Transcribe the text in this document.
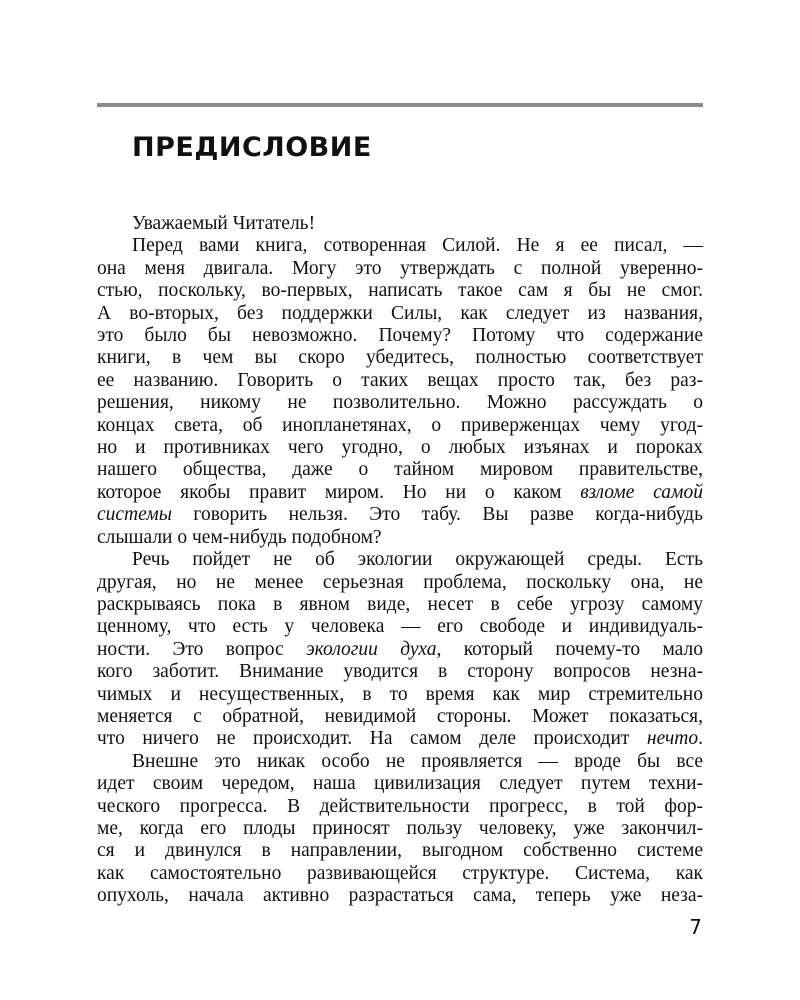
ПРЕДИСЛОВИЕ

Уважаемый Читатель!

Перед вами книга, сотворенная Силой. Не я ее писал, —
она меня двигала. Могу это утверждать с полной уверенно-
стью, поскольку, во-первых, написать такое сам я бы не смог.
А во-вторых, без поддержки Силы, как следует из названия,
это было бы невозможно. Почему? Потому что содержание
книги, в чем вы скоро убедитесь, полностью соответствует
ее названию. Говорить о таких вещах просто так, без раз-
решения, никому не позволительно. Можно рассуждать о
концах света, об инопланетянах, о приверженцах чему угод-
но и противниках чего угодно, о любых изъянах и пороках
нашего общества, даже о тайном мировом правительстве,
которое якобы правит миром. Но ни о каком взломе самой
системы говорить нельзя. Это табу. Вы разве когда-нибудь
слышали о чем-нибудь подобном?

Речь пойдет не об экологии окружающей среды. Есть
другая, но не менее серьезная проблема, поскольку она, не
раскрываясь пока в явном виде, несет в себе угрозу самому
ценному, что есть у человека — его свободе и индивидуаль-
ности. Это вопрос экологии духа, который почему-то мало
кого заботит. Внимание уводится в сторону вопросов незна-
чимых и несущественных, в то время как мир стремительно
меняется с обратной, невидимой стороны. Может показаться,
что ничего не происходит. На самом деле происходит нечто.

Внешне это никак особо не проявляется — вроде бы все
идет своим чередом, наша цивилизация следует путем техни-
ческого прогресса. В действительности прогресс, в той фор-
ме, когда его плоды приносят пользу человеку, уже закончил-
ся и двинулся в направлении, выгодном собственно системе
как самостоятельно развивающейся структуре. Система, как
опухоль, начала активно разрастаться сама, теперь уже неза-

7
